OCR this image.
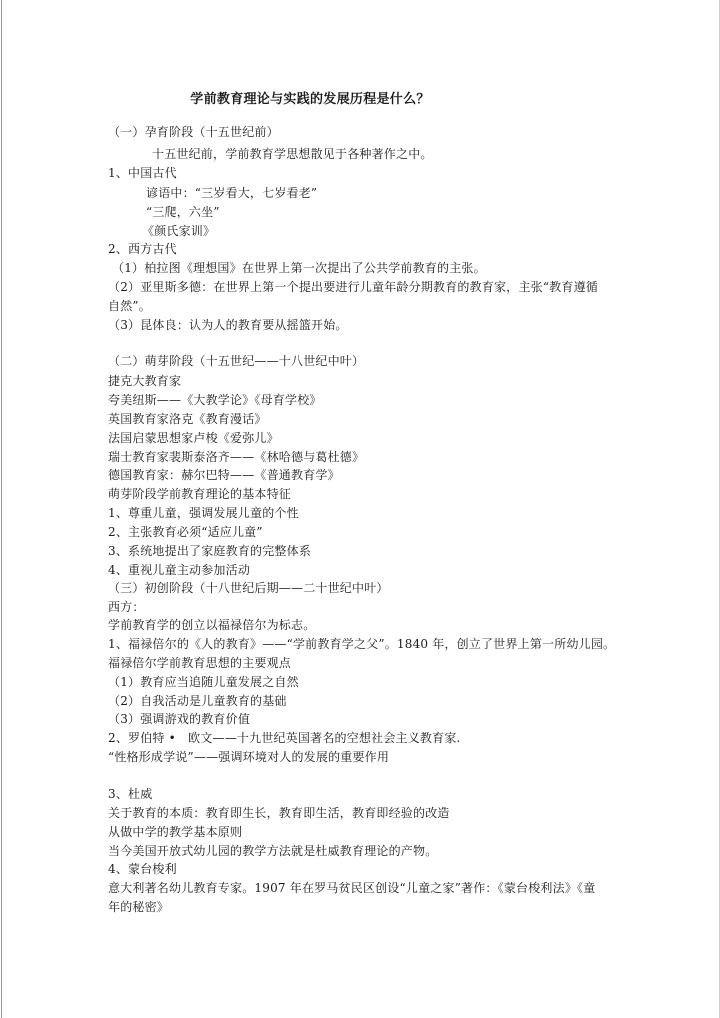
学前教育理论与实践的发展历程是什么？
（一）孕育阶段（十五世纪前）
十五世纪前，学前教育学思想散见于各种著作之中。
1、中国古代
谚语中：“三岁看大，七岁看老”
“三爬，六坐”
《颜氏家训》
2、西方古代
（1）柏拉图《理想国》在世界上第一次提出了公共学前教育的主张。
（2）亚里斯多德：在世界上第一个提出要进行儿童年龄分期教育的教育家，主张“教育遵循
自然”。
（3）昆体良：认为人的教育要从摇篮开始。
（二）萌芽阶段（十五世纪——十八世纪中叶）
捷克大教育家
夸美纽斯——《大教学论》《母育学校》
英国教育家洛克《教育漫话》
法国启蒙思想家卢梭《爱弥儿》
瑞士教育家裴斯泰洛齐——《林哈德与葛杜德》
德国教育家：赫尔巴特——《普通教育学》
萌芽阶段学前教育理论的基本特征
1、尊重儿童，强调发展儿童的个性
2、主张教育必须“适应儿童”
3、系统地提出了家庭教育的完整体系
4、重视儿童主动参加活动
（三）初创阶段（十八世纪后期——二十世纪中叶）
西方：
学前教育学的创立以福禄倍尔为标志。
1、福禄倍尔的《人的教育》——“学前教育学之父”。1840 年，创立了世界上第一所幼儿园。
福禄倍尔学前教育思想的主要观点
（1）教育应当追随儿童发展之自然
（2）自我活动是儿童教育的基础
（3）强调游戏的教育价值
2、罗伯特 •　欧文——十九世纪英国著名的空想社会主义教育家.
“性格形成学说”——强调环境对人的发展的重要作用
3、杜威
关于教育的本质：教育即生长，教育即生活，教育即经验的改造
从做中学的教学基本原则
当今美国开放式幼儿园的教学方法就是杜威教育理论的产物。
4、蒙台梭利
意大利著名幼儿教育专家。1907 年在罗马贫民区创设“儿童之家”著作：《蒙台梭利法》《童
年的秘密》
